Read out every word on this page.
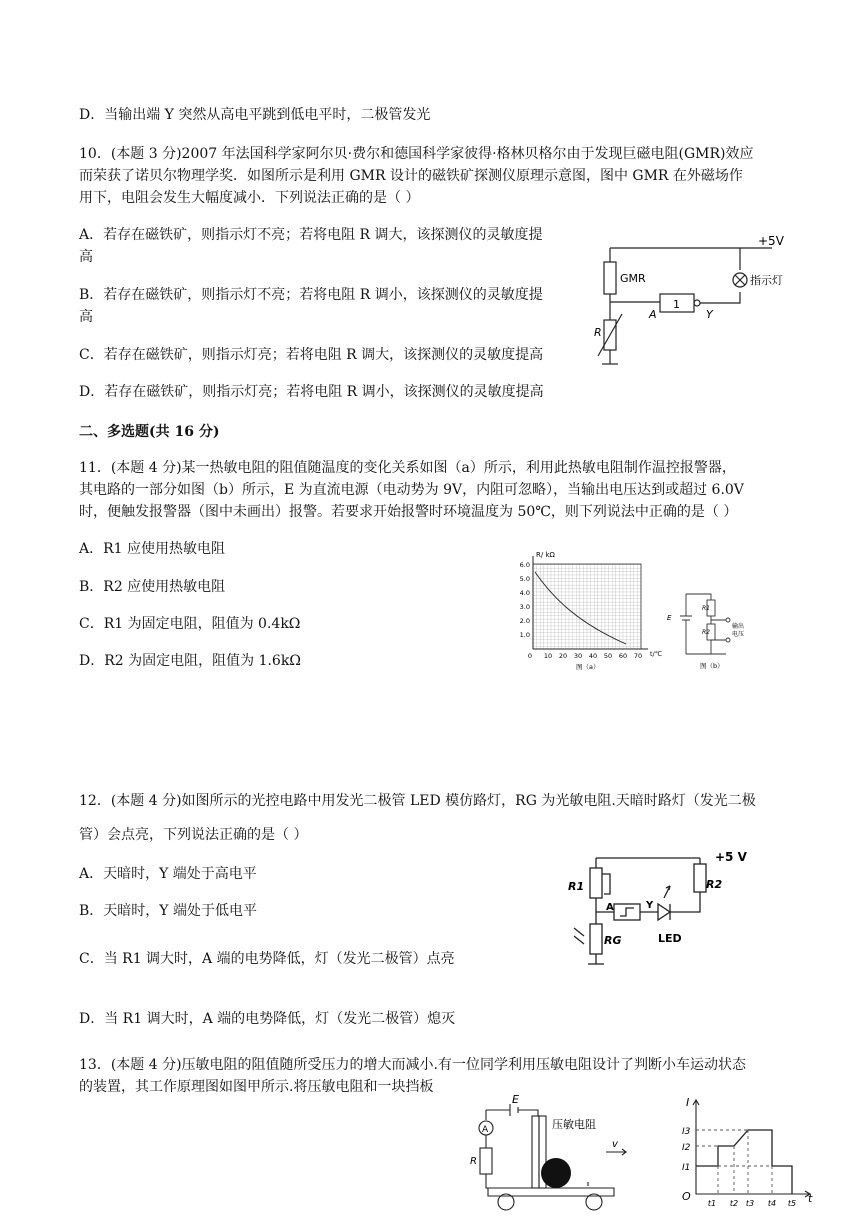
D．当输出端 Y 突然从高电平跳到低电平时，二极管发光
10．(本题 3 分)2007 年法国科学家阿尔贝·费尔和德国科学家彼得·格林贝格尔由于发现巨磁电阻(GMR)效应
而荣获了诺贝尔物理学奖．如图所示是利用 GMR 设计的磁铁矿探测仪原理示意图，图中 GMR 在外磁场作
用下，电阻会发生大幅度减小．下列说法正确的是（ ）
A．若存在磁铁矿，则指示灯不亮；若将电阻 R 调大，该探测仪的灵敏度提
高
B．若存在磁铁矿，则指示灯不亮；若将电阻 R 调小，该探测仪的灵敏度提
高
C．若存在磁铁矿，则指示灯亮；若将电阻 R 调大，该探测仪的灵敏度提高
D．若存在磁铁矿，则指示灯亮；若将电阻 R 调小，该探测仪的灵敏度提高
+5V
GMR	指示灯
1
A	Y
R
二、多选题(共 16 分)
11．(本题 4 分)某一热敏电阻的阻值随温度的变化关系如图（a）所示，利用此热敏电阻制作温控报警器，
其电路的一部分如图（b）所示，E 为直流电源（电动势为 9V，内阻可忽略），当输出电压达到或超过 6.0V
时，便触发报警器（图中未画出）报警。若要求开始报警时环境温度为 50℃，则下列说法中正确的是（ ）
A．R1 应使用热敏电阻
B．R2 应使用热敏电阻
C．R1 为固定电阻，阻值为 0.4kΩ
D．R2 为固定电阻，阻值为 1.6kΩ
R/ kΩ
6.0
5.0
4.0
3.0
2.0
1.0
0 10 20 30 40 50 60 70 t/℃
图（a）
E
R1
R2
输出
电压
图（b）
12．(本题 4 分)如图所示的光控电路中用发光二极管 LED 模仿路灯，RG 为光敏电阻.天暗时路灯（发光二极
管）会点亮，下列说法正确的是（ ）
A．天暗时，Y 端处于高电平
B．天暗时，Y 端处于低电平
C．当 R1 调大时，A 端的电势降低，灯（发光二极管）点亮
D．当 R1 调大时，A 端的电势降低，灯（发光二极管）熄灭
+5 V
R1	R2
RG
A	Y
LED
13．(本题 4 分)压敏电阻的阻值随所受压力的增大而减小.有一位同学利用压敏电阻设计了判断小车运动状态
的装置，其工作原理图如图甲所示.将压敏电阻和一块挡板
E
A
R
压敏电阻
v
I
O	t
I3
I2
I1
t1 t2 t3 t4 t5
